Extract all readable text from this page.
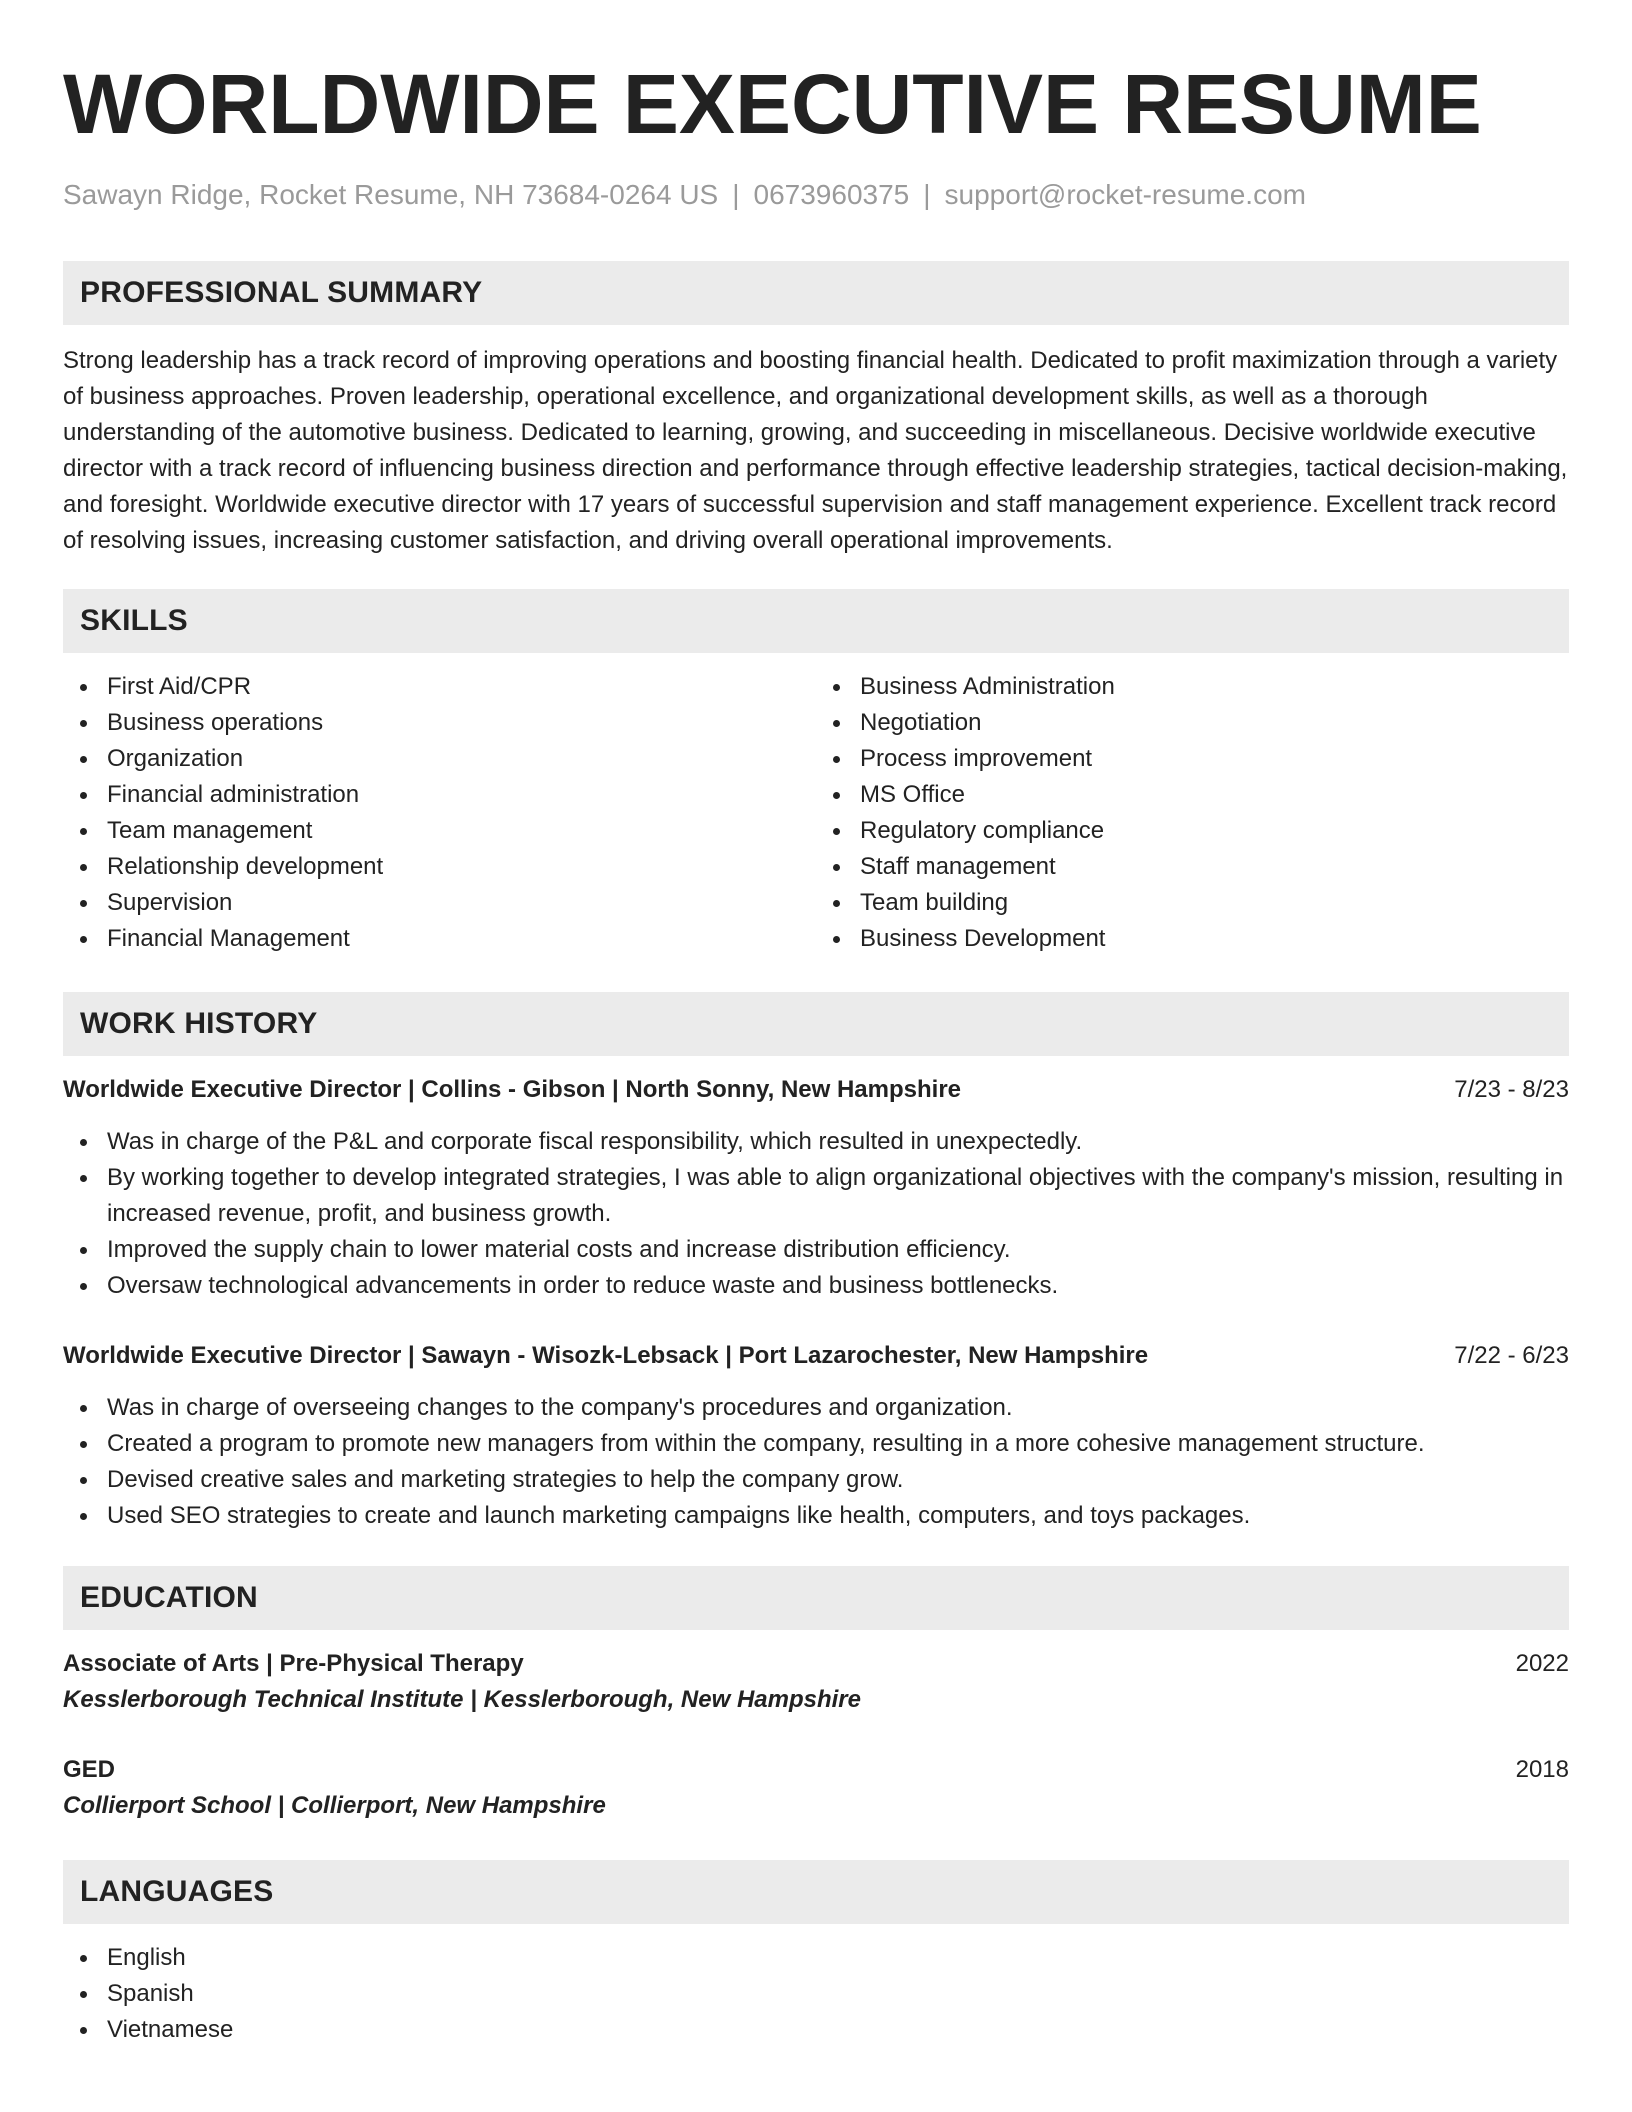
WORLDWIDE EXECUTIVE RESUME
Sawayn Ridge, Rocket Resume, NH 73684-0264 US | 0673960375 | support@rocket-resume.com
PROFESSIONAL SUMMARY

Strong leadership has a track record of improving operations and boosting financial health. Dedicated to profit maximization through a variety of business approaches. Proven leadership, operational excellence, and organizational development skills, as well as a thorough understanding of the automotive business. Dedicated to learning, growing, and succeeding in miscellaneous. Decisive worldwide executive director with a track record of influencing business direction and performance through effective leadership strategies, tactical decision-making, and foresight. Worldwide executive director with 17 years of successful supervision and staff management experience. Excellent track record of resolving issues, increasing customer satisfaction, and driving overall operational improvements.

SKILLS
First Aid/CPR
Business operations
Organization
Financial administration
Team management
Relationship development
Supervision
Financial Management
Business Administration
Negotiation
Process improvement
MS Office
Regulatory compliance
Staff management
Team building
Business Development
WORK HISTORY
Worldwide Executive Director | Collins - Gibson | North Sonny, New Hampshire	7/23 - 8/23
Was in charge of the P&L and corporate fiscal responsibility, which resulted in unexpectedly.
By working together to develop integrated strategies, I was able to align organizational objectives with the company's mission, resulting in increased revenue, profit, and business growth.
Improved the supply chain to lower material costs and increase distribution efficiency.
Oversaw technological advancements in order to reduce waste and business bottlenecks.
Worldwide Executive Director | Sawayn - Wisozk-Lebsack | Port Lazarochester, New Hampshire	7/22 - 6/23
Was in charge of overseeing changes to the company's procedures and organization.
Created a program to promote new managers from within the company, resulting in a more cohesive management structure.
Devised creative sales and marketing strategies to help the company grow.
Used SEO strategies to create and launch marketing campaigns like health, computers, and toys packages.
EDUCATION
Associate of Arts | Pre-Physical Therapy	2022
Kesslerborough Technical Institute | Kesslerborough, New Hampshire
GED	2018
Collierport School | Collierport, New Hampshire
LANGUAGES
English
Spanish
Vietnamese
